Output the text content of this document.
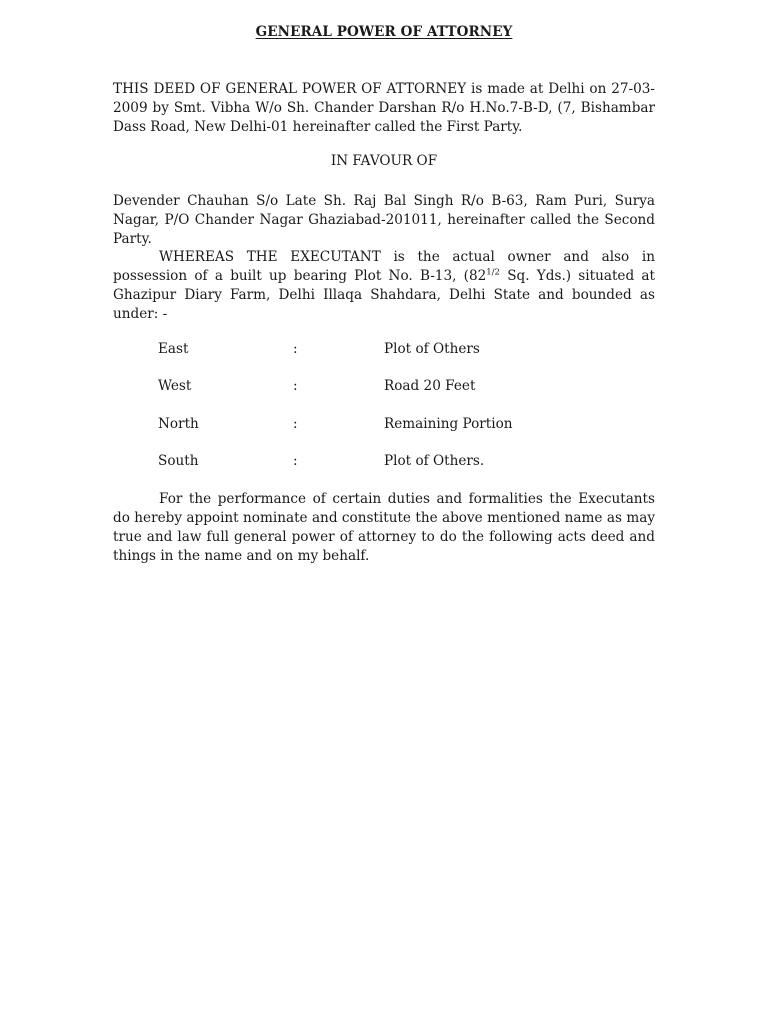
GENERAL POWER OF ATTORNEY

THIS DEED OF GENERAL POWER OF ATTORNEY is made at Delhi on 27-03-2009 by Smt. Vibha W/o Sh. Chander Darshan R/o H.No.7-B-D, (7, Bishambar Dass Road, New Delhi-01 hereinafter called the First Party.

IN FAVOUR OF

Devender Chauhan S/o Late Sh. Raj Bal Singh R/o B-63, Ram Puri, Surya Nagar, P/O Chander Nagar Ghaziabad-201011, hereinafter called the Second Party.

WHEREAS THE EXECUTANT is the actual owner and also in possession of a built up bearing Plot No. B-13, ($82^{1/2}$ Sq. Yds.) situated at Ghazipur Diary Farm, Delhi Illaqa Shahdara, Delhi State and bounded as under: -

East	:	Plot of Others
West	:	Road 20 Feet
North	:	Remaining Portion
South	:	Plot of Others.

For the performance of certain duties and formalities the Executants do hereby appoint nominate and constitute the above mentioned name as may true and law full general power of attorney to do the following acts deed and things in the name and on my behalf.
